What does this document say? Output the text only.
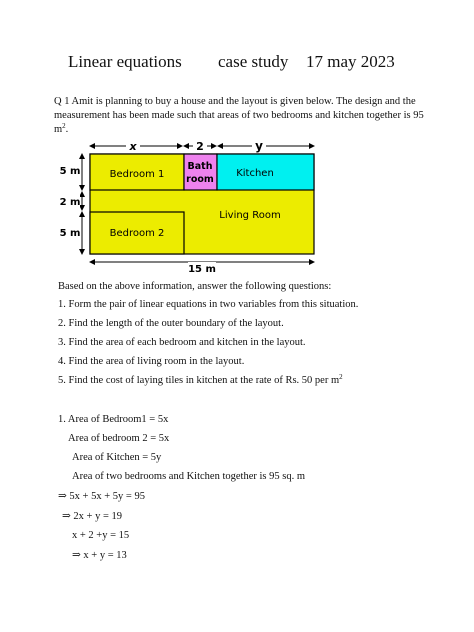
Linear equations case study 17 may 2023
Q 1 Amit is planning to buy a house and the layout is given below. The design and the measurement has been made such that areas of two bedrooms and kitchen together is 95 $m^2$.
x	2	y
Bedroom 1
Bath
room
Kitchen
Living Room
Bedroom 2
5 m
2 m
5 m
15 m
Based on the above information, answer the following questions:
1. Form the pair of linear equations in two variables from this situation.
2. Find the length of the outer boundary of the layout.
3. Find the area of each bedroom and kitchen in the layout.
4. Find the area of living room in the layout.
5. Find the cost of laying tiles in kitchen at the rate of Rs. 50 per $m^2$
1. Area of Bedroom1 = 5x
Area of bedroom 2 = 5x
Area of Kitchen = 5y
Area of two bedrooms and Kitchen together is 95 sq. m
⇒ 5x + 5x + 5y = 95
⇒ 2x + y = 19
x + 2 +y = 15
⇒ x + y = 13
